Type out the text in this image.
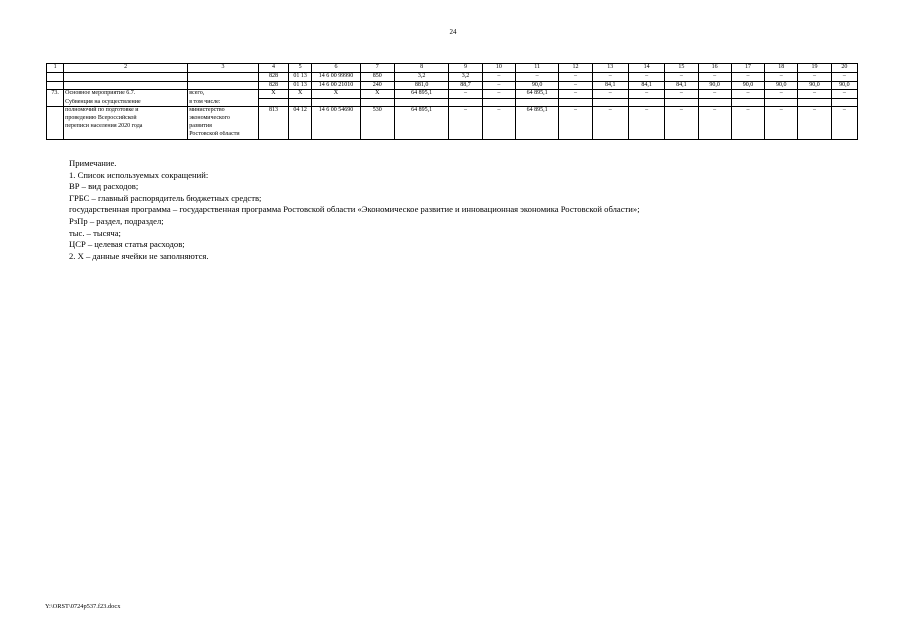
24
1	2	3	4	5	6	7	8	9	10	11	12	13	14	15	16	17	18	19	20
			828	01 13	14 6 00 99990	850	3,2	3,2	–	–	–	–	–	–	–	–	–	–	–
			828	01 13	14 6 00 21010	240	881,0	88,7	–	90,0	–	84,1	84,1	84,1	90,0	90,0	90,0	90,0	90,0
73.	Основное мероприятие 6.7.	всего,	Х	Х	Х	Х	64 895,1	–	–	64 895,1	–	–	–	–	–	–	–	–	–
	Субвенция на осуществление	в том числе:																	
	полномочий по подготовке и	министерство	813	04 12	14 6 00 54690	530	64 895,1	–	–	64 895,1	–	–	–	–	–	–	–	–	–
	проведению Всероссийской	экономического																	
	переписи населения 2020 года	развития																	
		Ростовской области																	
Примечание.
1. Список используемых сокращений:
ВР – вид расходов;
ГРБС – главный распорядитель бюджетных средств;
государственная программа – государственная программа Ростовской области «Экономическое развитие и инновационная экономика Ростовской области»;
РзПр – раздел, подраздел;
тыс. – тысяча;
ЦСР – целевая статья расходов;
2. Х – данные ячейки не заполняются.
Y:\ORST\0724p537.f23.docx
